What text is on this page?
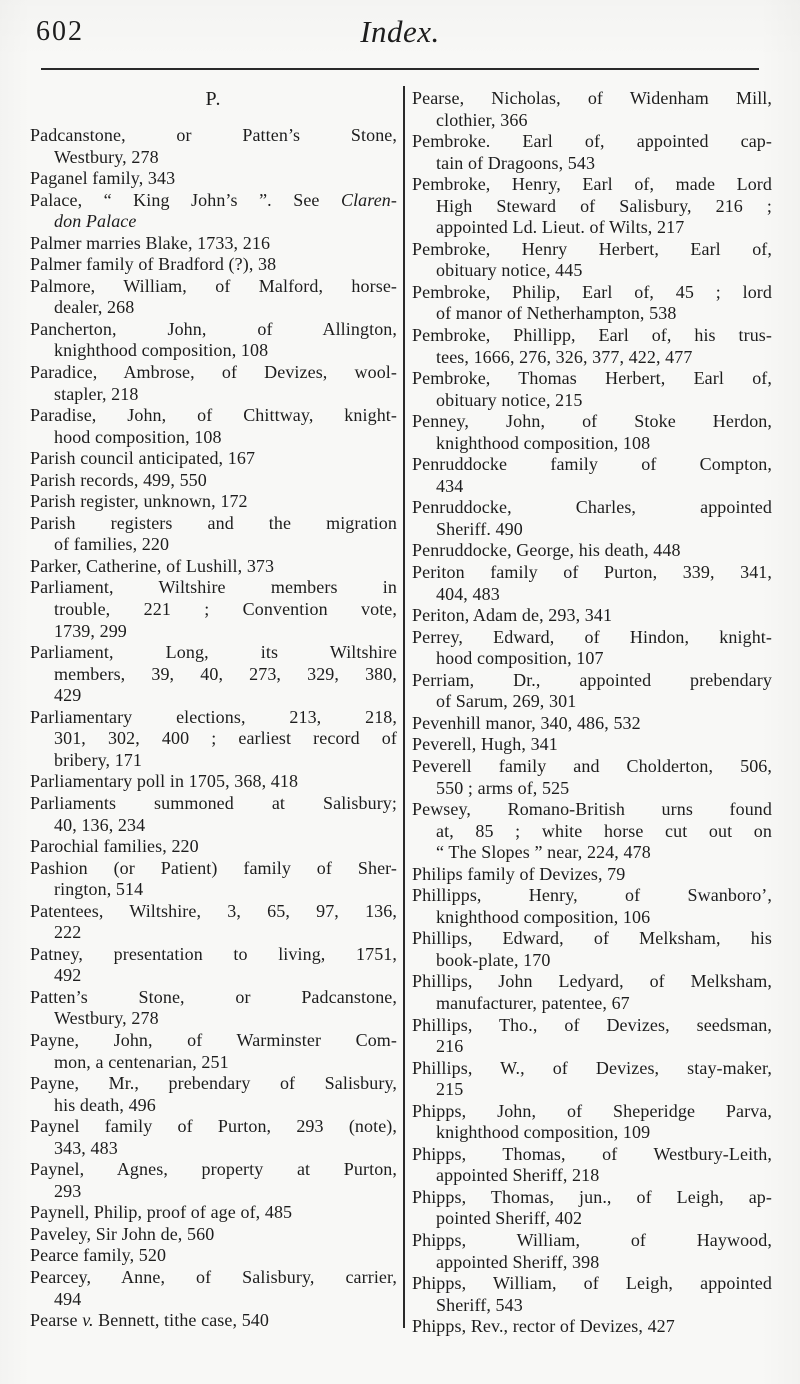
602	Index.
P.
Padcanstone, or Patten’s Stone,
Westbury, 278
Paganel family, 343
Palace, “ King John’s ”. See Claren-
don Palace
Palmer marries Blake, 1733, 216
Palmer family of Bradford (?), 38
Palmore, William, of Malford, horse-
dealer, 268
Pancherton, John, of Allington,
knighthood composition, 108
Paradice, Ambrose, of Devizes, wool-
stapler, 218
Paradise, John, of Chittway, knight-
hood composition, 108
Parish council anticipated, 167
Parish records, 499, 550
Parish register, unknown, 172
Parish registers and the migration
of families, 220
Parker, Catherine, of Lushill, 373
Parliament, Wiltshire members in
trouble, 221 ; Convention vote,
1739, 299
Parliament, Long, its Wiltshire
members, 39, 40, 273, 329, 380,
429
Parliamentary elections, 213, 218,
301, 302, 400 ; earliest record of
bribery, 171
Parliamentary poll in 1705, 368, 418
Parliaments summoned at Salisbury;
40, 136, 234
Parochial families, 220
Pashion (or Patient) family of Sher-
rington, 514
Patentees, Wiltshire, 3, 65, 97, 136,
222
Patney, presentation to living, 1751,
492
Patten’s Stone, or Padcanstone,
Westbury, 278
Payne, John, of Warminster Com-
mon, a centenarian, 251
Payne, Mr., prebendary of Salisbury,
his death, 496
Paynel family of Purton, 293 (note),
343, 483
Paynel, Agnes, property at Purton,
293
Paynell, Philip, proof of age of, 485
Paveley, Sir John de, 560
Pearce family, 520
Pearcey, Anne, of Salisbury, carrier,
494
Pearse v. Bennett, tithe case, 540
Pearse, Nicholas, of Widenham Mill,
clothier, 366
Pembroke. Earl of, appointed cap-
tain of Dragoons, 543
Pembroke, Henry, Earl of, made Lord
High Steward of Salisbury, 216 ;
appointed Ld. Lieut. of Wilts, 217
Pembroke, Henry Herbert, Earl of,
obituary notice, 445
Pembroke, Philip, Earl of, 45 ; lord
of manor of Netherhampton, 538
Pembroke, Phillipp, Earl of, his trus-
tees, 1666, 276, 326, 377, 422, 477
Pembroke, Thomas Herbert, Earl of,
obituary notice, 215
Penney, John, of Stoke Herdon,
knighthood composition, 108
Penruddocke family of Compton,
434
Penruddocke, Charles, appointed
Sheriff. 490
Penruddocke, George, his death, 448
Periton family of Purton, 339, 341,
404, 483
Periton, Adam de, 293, 341
Perrey, Edward, of Hindon, knight-
hood composition, 107
Perriam, Dr., appointed prebendary
of Sarum, 269, 301
Pevenhill manor, 340, 486, 532
Peverell, Hugh, 341
Peverell family and Cholderton, 506,
550 ; arms of, 525
Pewsey, Romano-British urns found
at, 85 ; white horse cut out on
“ The Slopes ” near, 224, 478
Philips family of Devizes, 79
Phillipps, Henry, of Swanboro’,
knighthood composition, 106
Phillips, Edward, of Melksham, his
book-plate, 170
Phillips, John Ledyard, of Melksham,
manufacturer, patentee, 67
Phillips, Tho., of Devizes, seedsman,
216
Phillips, W., of Devizes, stay-maker,
215
Phipps, John, of Sheperidge Parva,
knighthood composition, 109
Phipps, Thomas, of Westbury-Leith,
appointed Sheriff, 218
Phipps, Thomas, jun., of Leigh, ap-
pointed Sheriff, 402
Phipps, William, of Haywood,
appointed Sheriff, 398
Phipps, William, of Leigh, appointed
Sheriff, 543
Phipps, Rev., rector of Devizes, 427
